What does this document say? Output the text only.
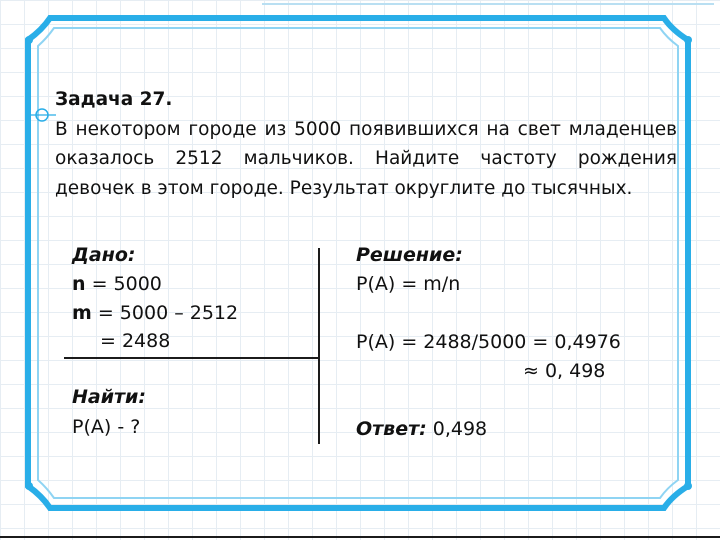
Задача 27.
В некотором городе из 5000 появившихся на свет младенцев оказалось 2512 мальчиков. Найдите частоту рождения девочек в этом городе. Результат округлите до тысячных.
Дано:
n = 5000
m = 5000 – 2512
= 2488
Найти:
P(A) - ?
Решение:
P(A) = m/n
P(A) = 2488/5000 = 0,4976
≈ 0, 498
Ответ: 0,498
